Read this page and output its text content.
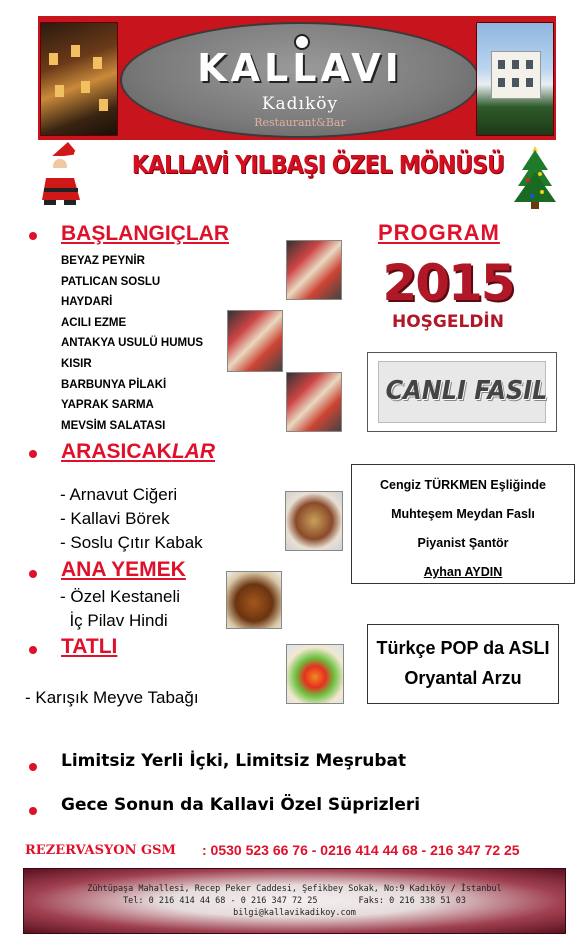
KALLAVI
Kadıköy
Restaurant&Bar
KALLAVİ YILBAŞI ÖZEL MÖNÜSÜ
BAŞLANGIÇLAR
BEYAZ PEYNİR
PATLICAN SOSLU
HAYDARİ
ACILI EZME
ANTAKYA USULÜ HUMUS
KISIR
BARBUNYA PİLAKİ
YAPRAK SARMA
MEVSİM SALATASI
ARASICAKLAR
- Arnavut Ciğeri
- Kallavi Börek
- Soslu Çıtır Kabak
ANA YEMEK
- Özel Kestaneli
İç Pilav Hindi
TATLI
- Karışık Meyve Tabağı
PROGRAM
2015
HOŞGELDİN
CANLI FASIL
Cengiz TÜRKMEN Eşliğinde
Muhteşem Meydan Faslı
Piyanist Şantör
Ayhan AYDIN
Türkçe POP da ASLI
Oryantal Arzu
Limitsiz Yerli İçki, Limitsiz Meşrubat
Gece Sonun da Kallavi Özel Süprizleri
REZERVASYON GSM : 0530 523 66 76 - 0216 414 44 68 - 216 347 72 25
Zühtüpaşa Mahallesi, Recep Peker Caddesi, Şefikbey Sokak, No:9 Kadıköy / İstanbul
Tel: 0 216 414 44 68 - 0 216 347 72 25        Faks: 0 216 338 51 03
bilgi@kallavikadikoy.com
